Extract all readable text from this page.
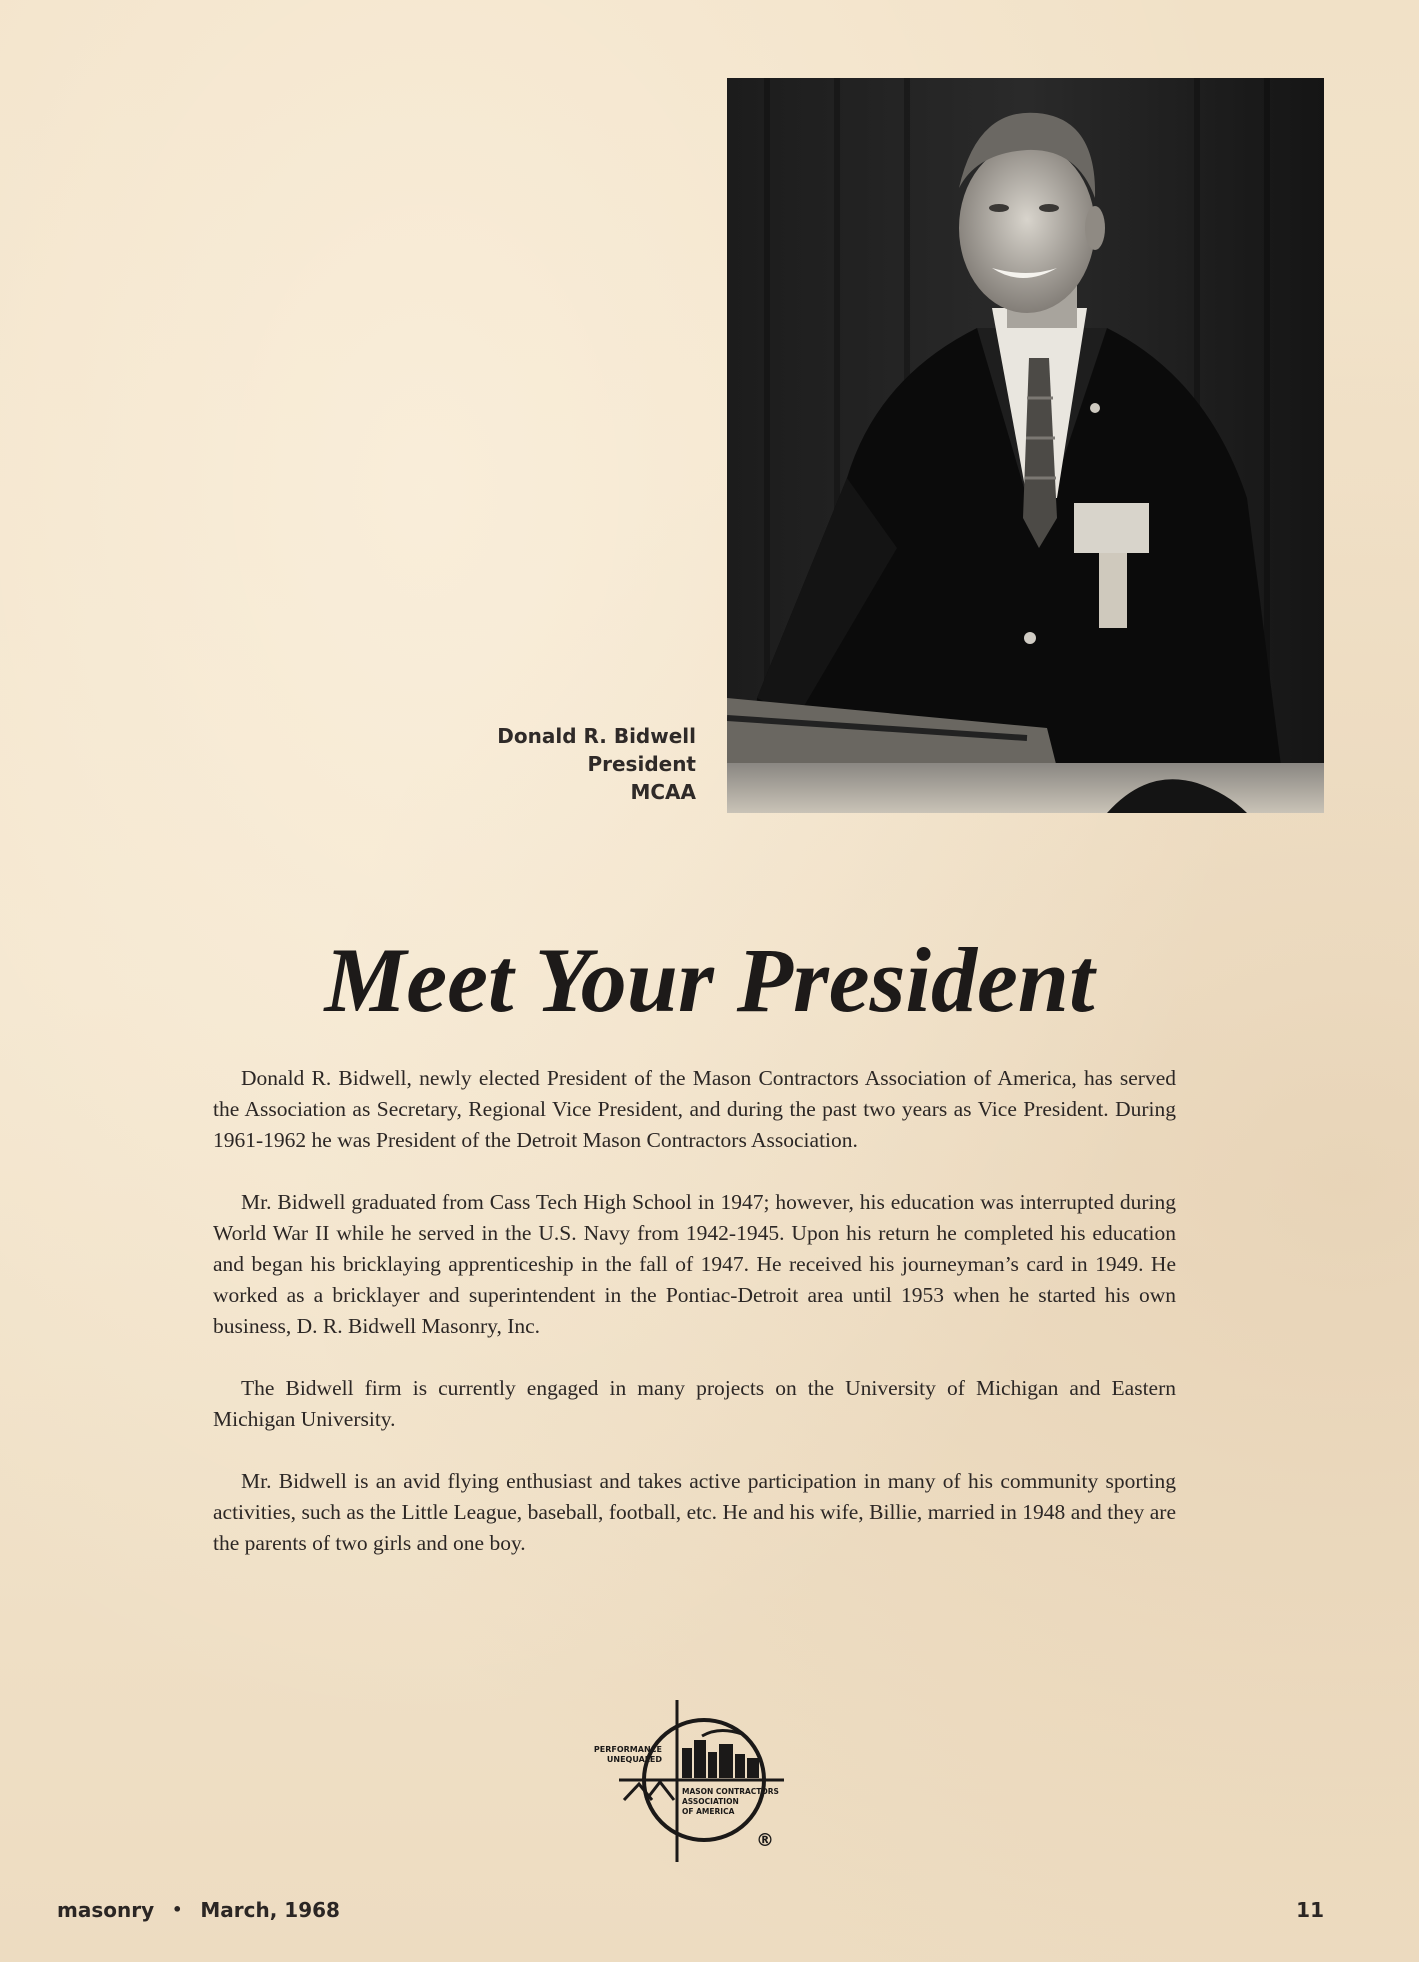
Donald R. Bidwell
President
MCAA
Meet Your President

Donald R. Bidwell, newly elected President of the Mason Contractors Association of America, has served the Association as Secretary, Regional Vice President, and during the past two years as Vice President. During 1961-1962 he was President of the Detroit Mason Contractors Association.

Mr. Bidwell graduated from Cass Tech High School in 1947; however, his education was interrupted during World War II while he served in the U.S. Navy from 1942-1945. Upon his return he completed his education and began his bricklaying apprenticeship in the fall of 1947. He received his journeyman’s card in 1949. He worked as a bricklayer and superintendent in the Pontiac-Detroit area until 1953 when he started his own business, D. R. Bidwell Masonry, Inc.

The Bidwell firm is currently engaged in many projects on the University of Michigan and Eastern Michigan University.

Mr. Bidwell is an avid flying enthusiast and takes active participation in many of his community sporting activities, such as the Little League, baseball, football, etc. He and his wife, Billie, married in 1948 and they are the parents of two girls and one boy.

PERFORMANCE
UNEQUALED
MASON CONTRACTORS
ASSOCIATION
OF AMERICA
®
masonry • March, 1968	11
